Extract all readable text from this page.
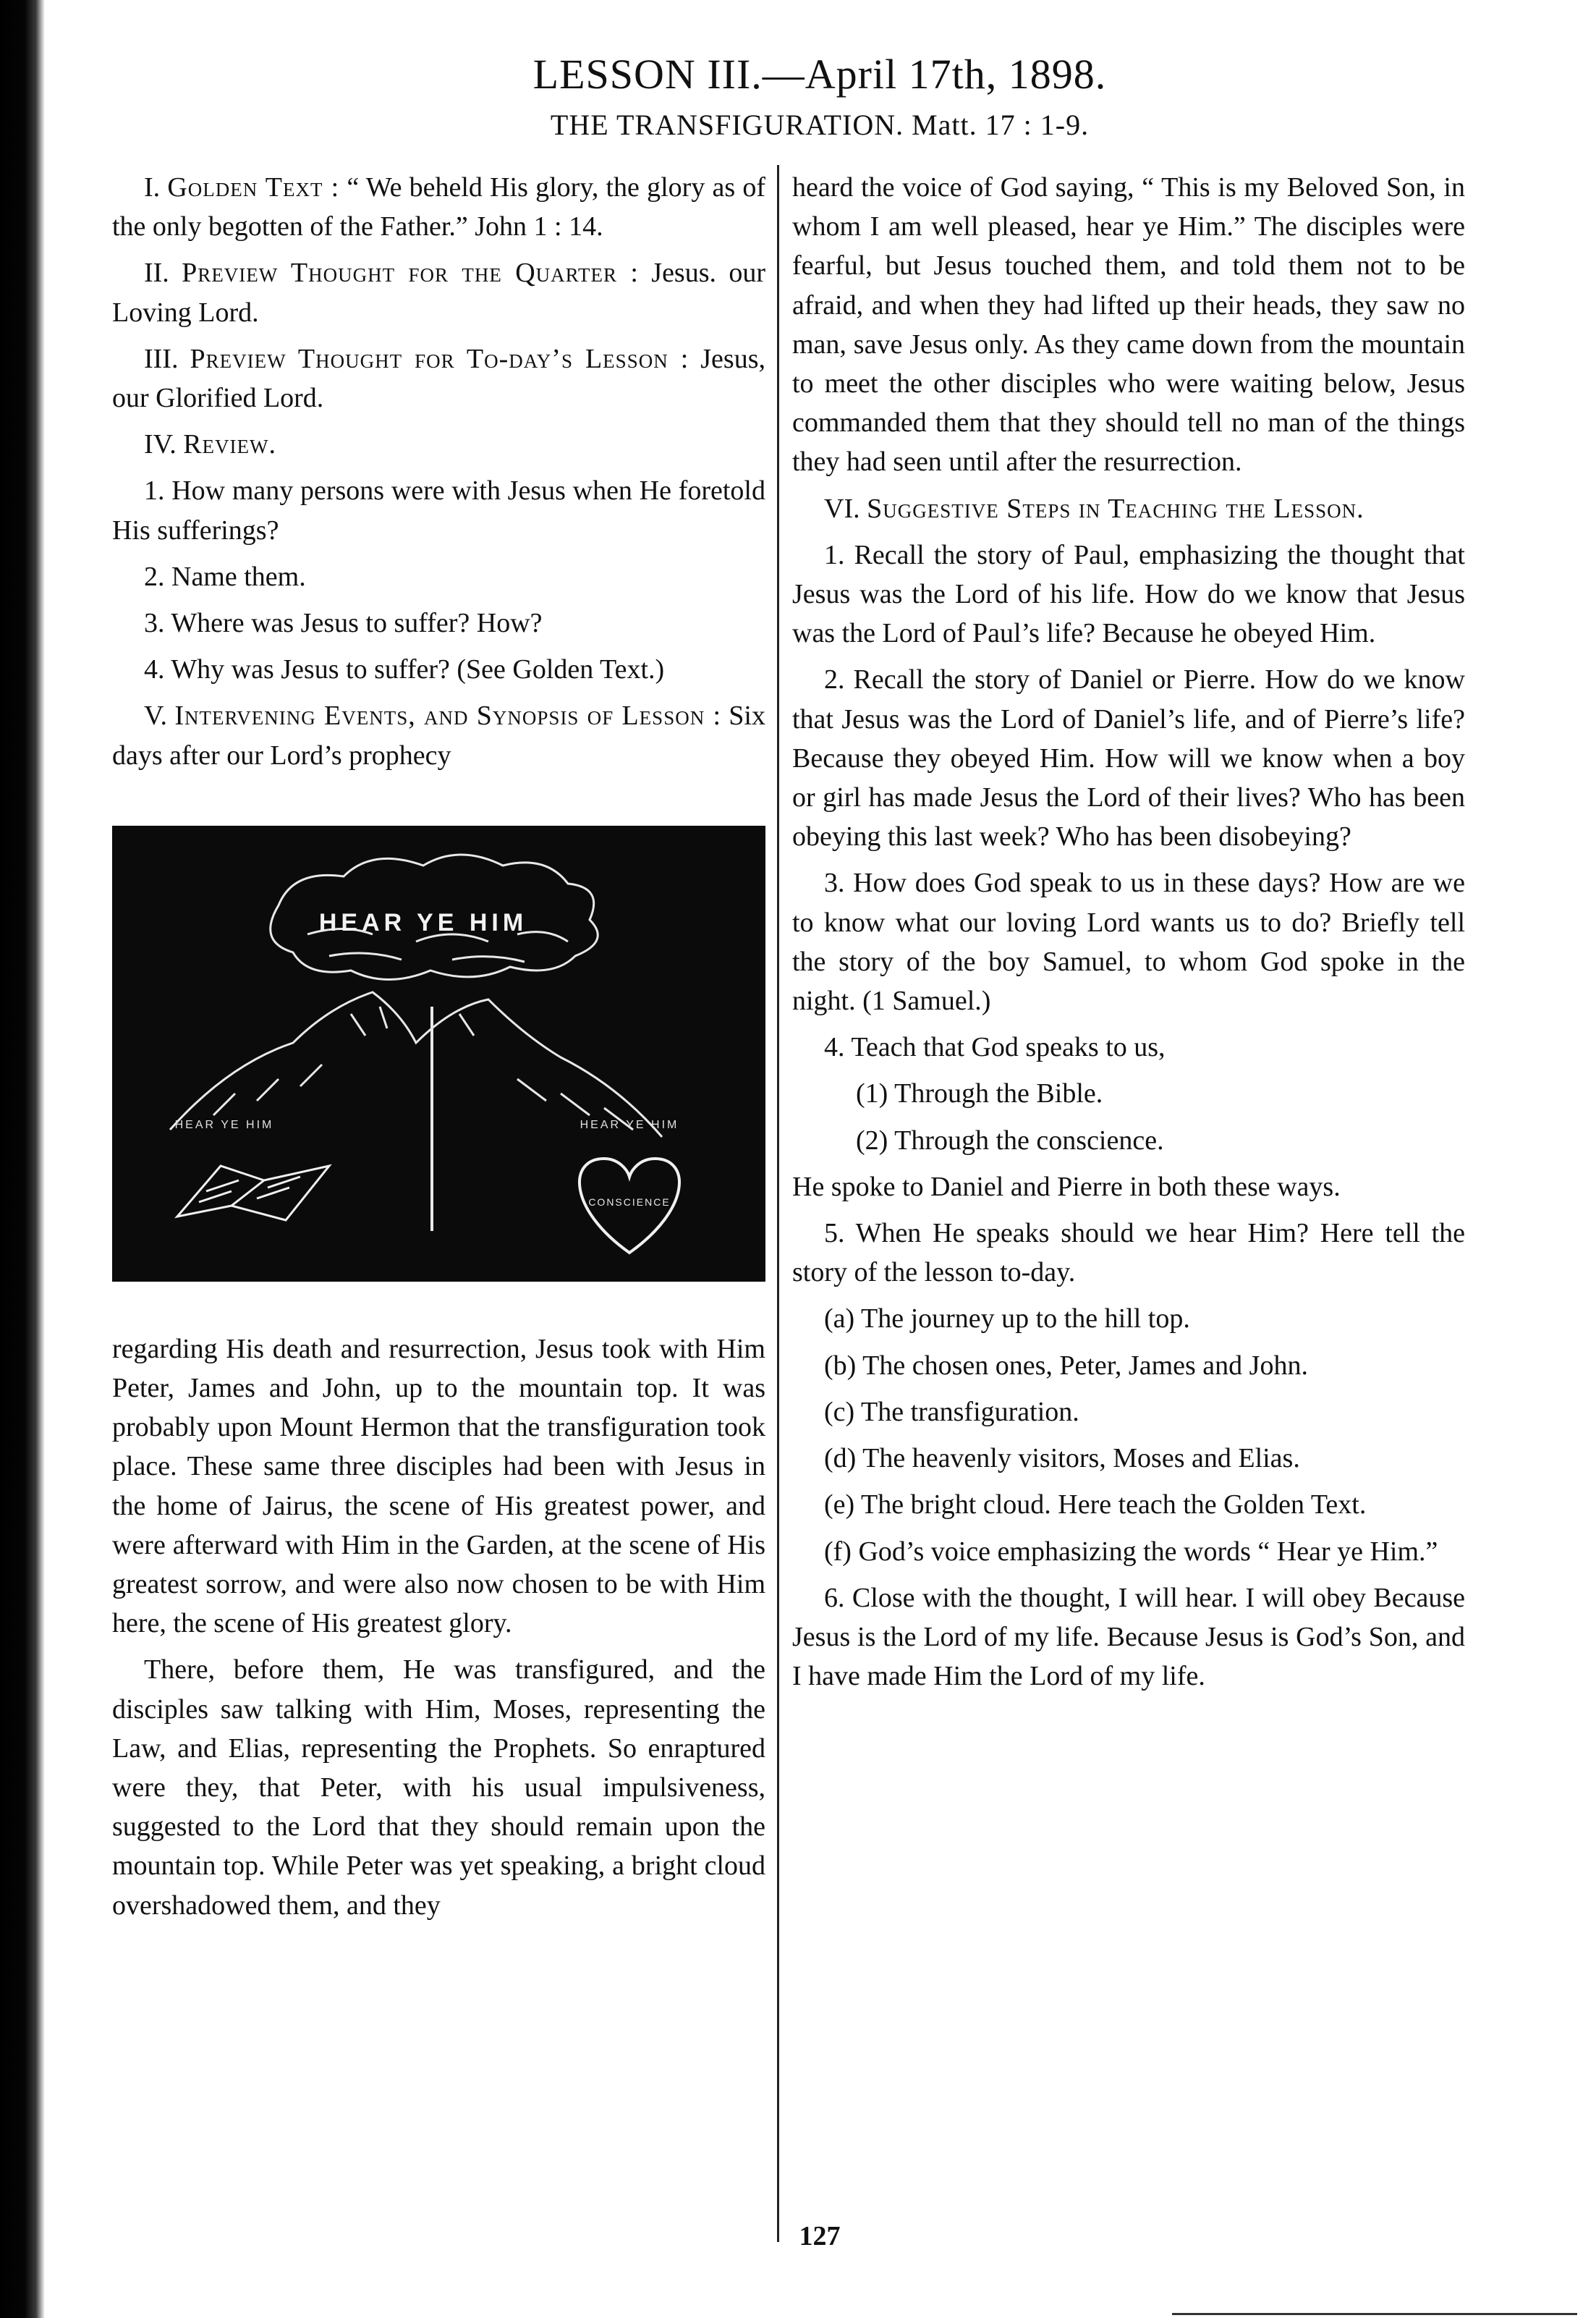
LESSON III.—April 17th, 1898.

THE TRANSFIGURATION. Matt. 17 : 1-9.

I. Golden Text : “ We beheld His glory, the glory as of the only begotten of the Father.” John 1 : 14.

II. Preview Thought for the Quarter : Jesus. our Loving Lord.

III. Preview Thought for To-day’s Lesson : Jesus, our Glorified Lord.

IV. Review.

1. How many persons were with Jesus when He foretold His sufferings?

2. Name them.

3. Where was Jesus to suffer? How?

4. Why was Jesus to suffer? (See Golden Text.)

V. Intervening Events, and Synopsis of Lesson : Six days after our Lord’s prophecy

HEAR YE HIM
HEAR YE HIM	HEAR YE HIM
CONSCIENCE

regarding His death and resurrection, Jesus took with Him Peter, James and John, up to the mountain top. It was probably upon Mount Hermon that the transfiguration took place. These same three disciples had been with Jesus in the home of Jairus, the scene of His greatest power, and were afterward with Him in the Garden, at the scene of His greatest sorrow, and were also now chosen to be with Him here, the scene of His greatest glory.

There, before them, He was transfigured, and the disciples saw talking with Him, Moses, representing the Law, and Elias, representing the Prophets. So enraptured were they, that Peter, with his usual impulsiveness, suggested to the Lord that they should remain upon the mountain top. While Peter was yet speaking, a bright cloud overshadowed them, and they

heard the voice of God saying, “ This is my Beloved Son, in whom I am well pleased, hear ye Him.” The disciples were fearful, but Jesus touched them, and told them not to be afraid, and when they had lifted up their heads, they saw no man, save Jesus only. As they came down from the mountain to meet the other disciples who were waiting below, Jesus commanded them that they should tell no man of the things they had seen until after the resurrection.

VI. Suggestive Steps in Teaching the Lesson.

1. Recall the story of Paul, emphasizing the thought that Jesus was the Lord of his life. How do we know that Jesus was the Lord of Paul’s life? Because he obeyed Him.

2. Recall the story of Daniel or Pierre. How do we know that Jesus was the Lord of Daniel’s life, and of Pierre’s life? Because they obeyed Him. How will we know when a boy or girl has made Jesus the Lord of their lives? Who has been obeying this last week? Who has been disobeying?

3. How does God speak to us in these days? How are we to know what our loving Lord wants us to do? Briefly tell the story of the boy Samuel, to whom God spoke in the night. (1 Samuel.)

4. Teach that God speaks to us,

(1) Through the Bible.

(2) Through the conscience.

He spoke to Daniel and Pierre in both these ways.

5. When He speaks should we hear Him? Here tell the story of the lesson to-day.

(a) The journey up to the hill top.

(b) The chosen ones, Peter, James and John.

(c) The transfiguration.

(d) The heavenly visitors, Moses and Elias.

(e) The bright cloud. Here teach the Golden Text.

(f) God’s voice emphasizing the words “ Hear ye Him.”

6. Close with the thought, I will hear. I will obey Because Jesus is the Lord of my life. Because Jesus is God’s Son, and I have made Him the Lord of my life.

127
